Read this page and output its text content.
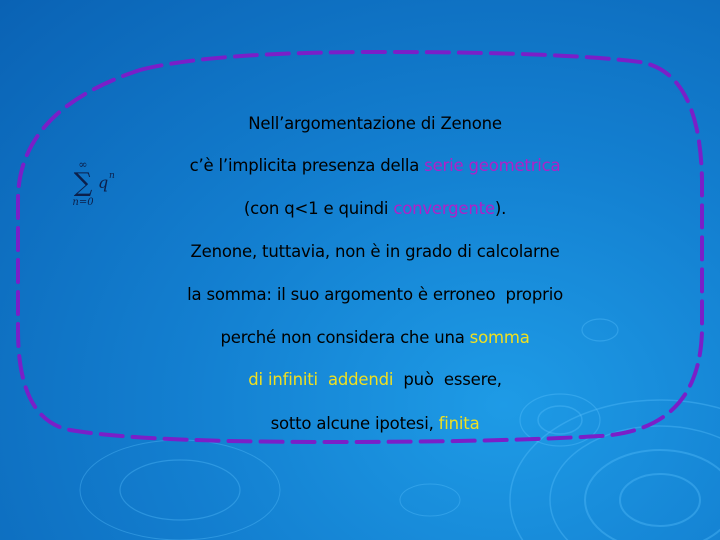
∞
∑ q n
n=0

Nell’argomentazione di Zenone

c’è l’implicita presenza della serie geometrica

(con q<1 e quindi convergente).

Zenone, tuttavia, non è in grado di calcolarne

la somma: il suo argomento è erroneo  proprio

perché non considera che una somma

di infiniti  addendi  può  essere,

sotto alcune ipotesi, finita
